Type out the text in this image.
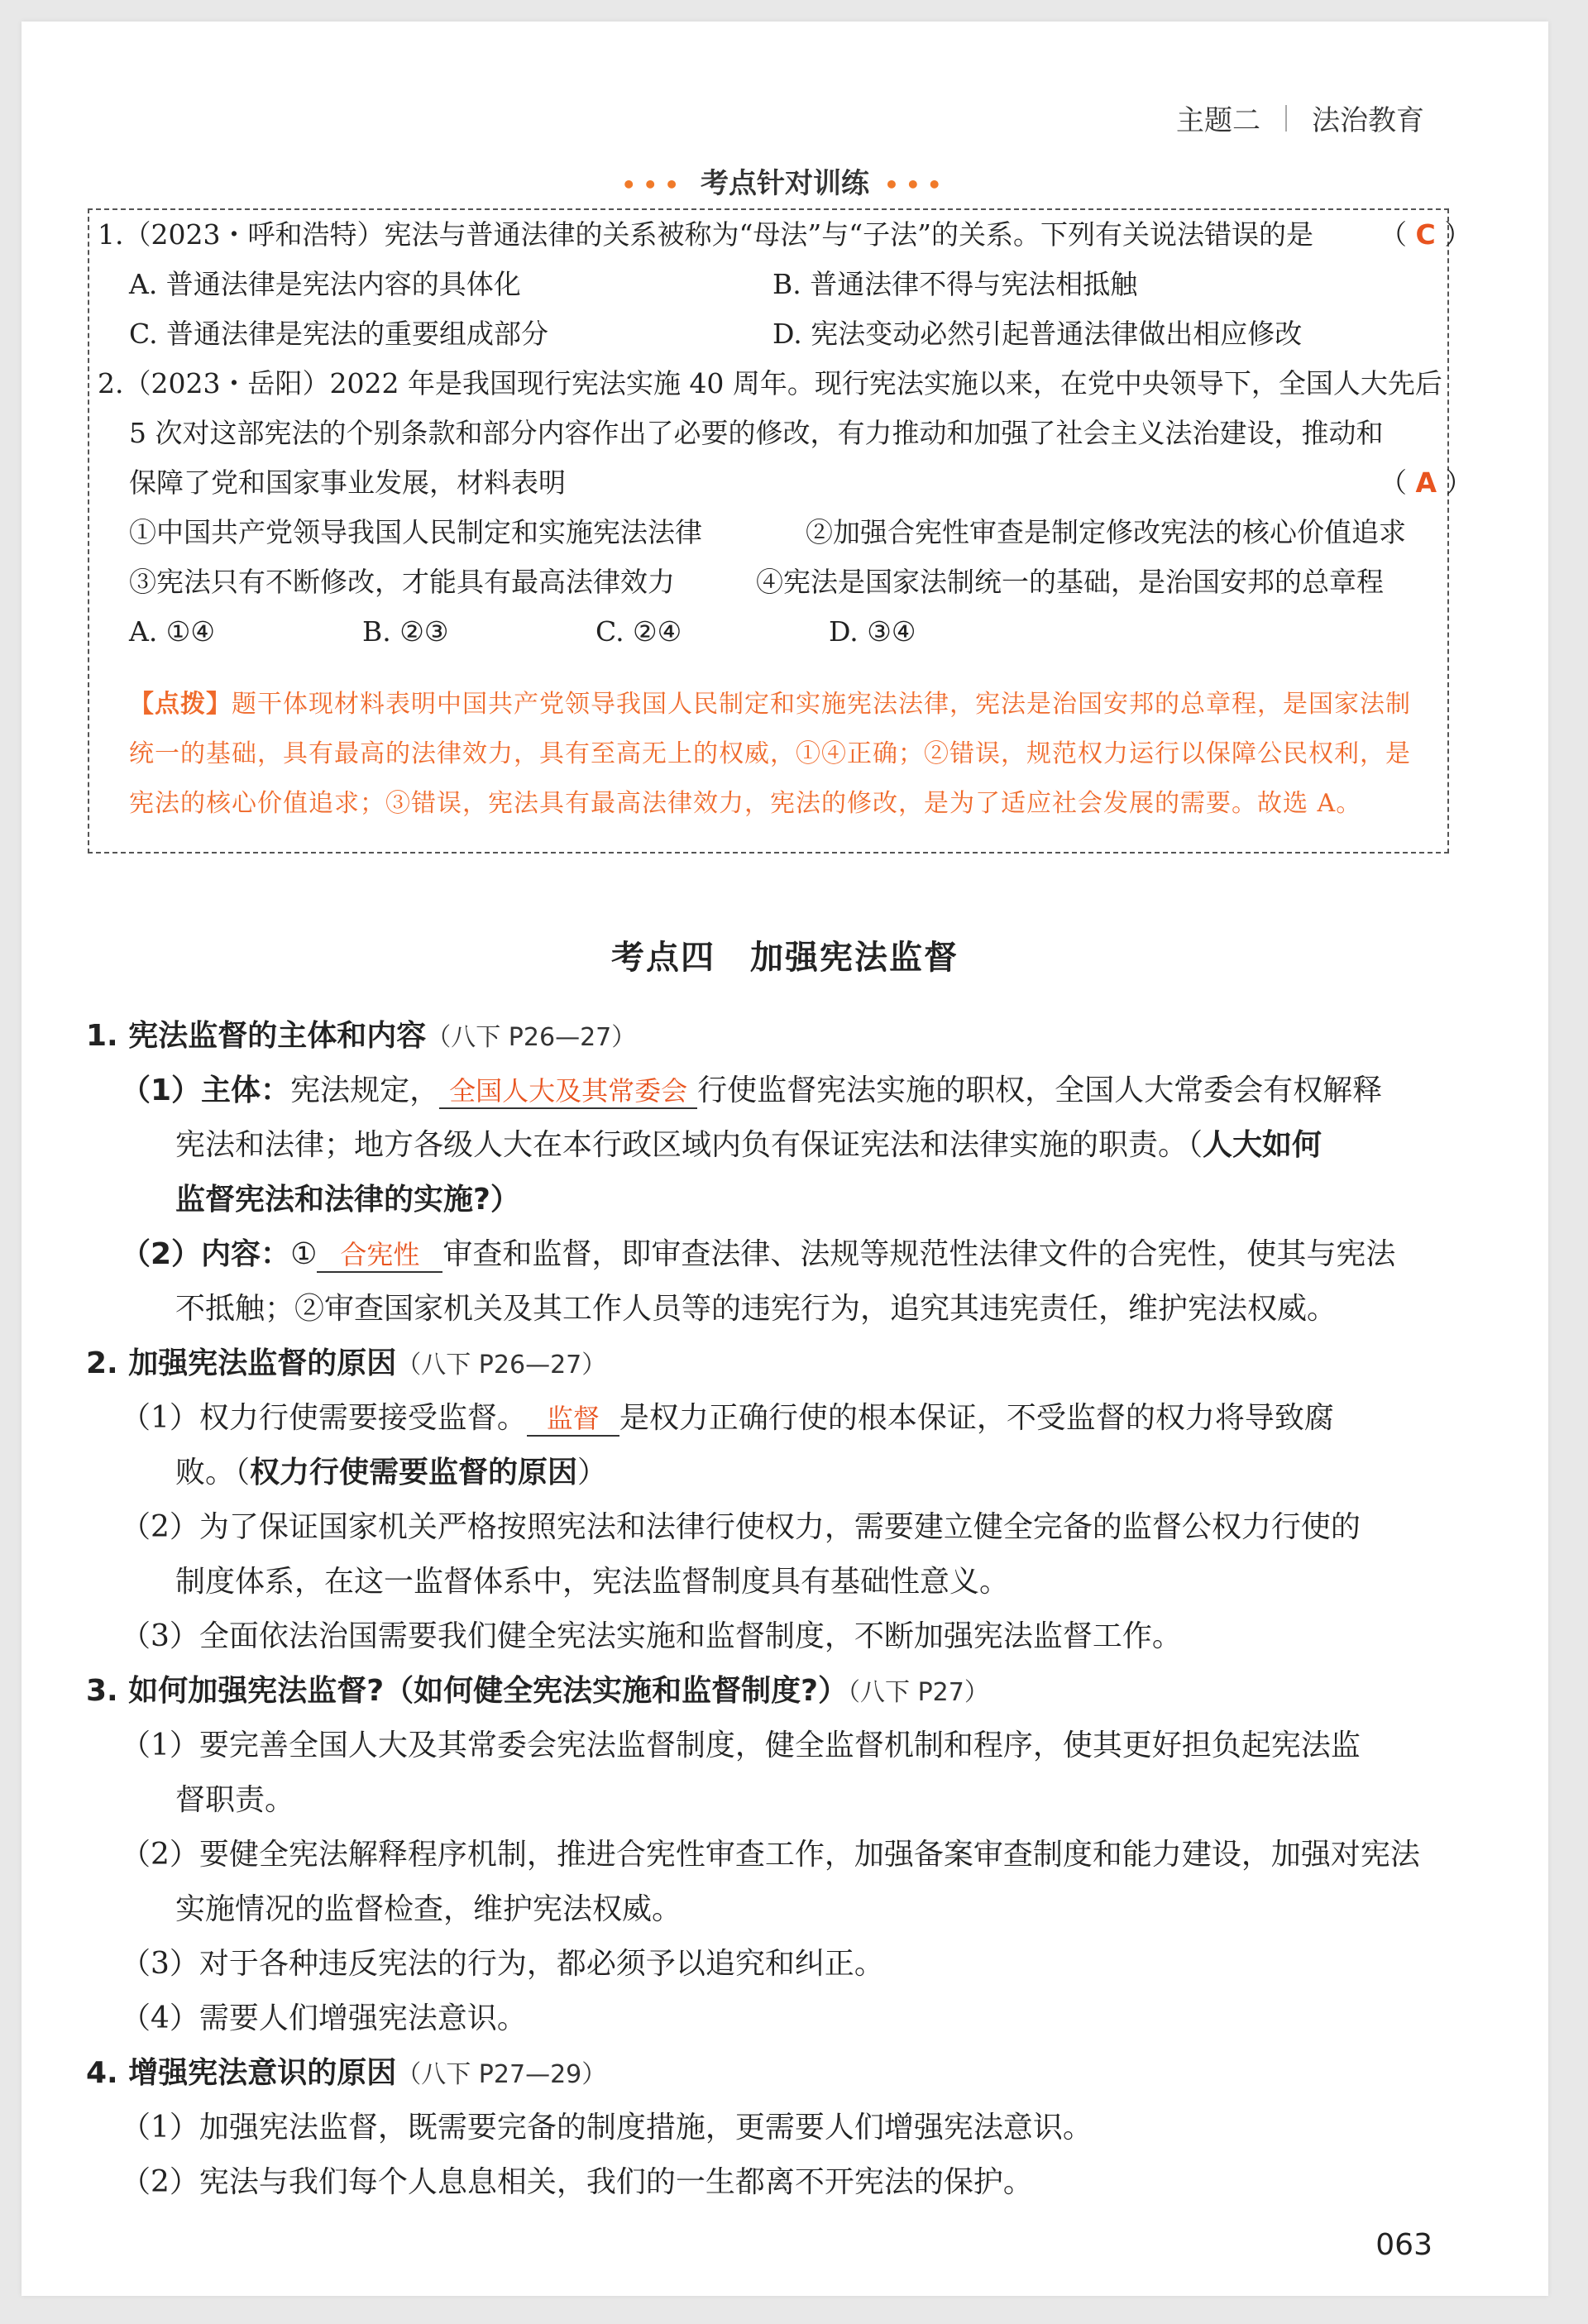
主题二 法治教育
••• 考点针对训练 •••
1.（2023・呼和浩特）宪法与普通法律的关系被称为“母法”与“子法”的关系。下列有关说法错误的是 （ C ）
A. 普通法律是宪法内容的具体化	B. 普通法律不得与宪法相抵触
C. 普通法律是宪法的重要组成部分	D. 宪法变动必然引起普通法律做出相应修改
2.（2023・岳阳）2022 年是我国现行宪法实施 40 周年。现行宪法实施以来，在党中央领导下，全国人大先后
5 次对这部宪法的个别条款和部分内容作出了必要的修改，有力推动和加强了社会主义法治建设，推动和
保障了党和国家事业发展，材料表明	（ A ）
①中国共产党领导我国人民制定和实施宪法法律	②加强合宪性审查是制定修改宪法的核心价值追求
③宪法只有不断修改，才能具有最高法律效力	④宪法是国家法制统一的基础，是治国安邦的总章程
A. ①④	B. ②③	C. ②④	D. ③④
【点拨】题干体现材料表明中国共产党领导我国人民制定和实施宪法法律，宪法是治国安邦的总章程，是国家法制统一的基础，具有最高的法律效力，具有至高无上的权威，①④正确；②错误，规范权力运行以保障公民权利，是宪法的核心价值追求；③错误，宪法具有最高法律效力，宪法的修改，是为了适应社会发展的需要。故选 A。
考点四　加强宪法监督
1. 宪法监督的主体和内容（八下 P26—27）
（1）主体：宪法规定， 全国人大及其常委会 行使监督宪法实施的职权，全国人大常委会有权解释
宪法和法律；地方各级人大在本行政区域内负有保证宪法和法律实施的职责。（人大如何
监督宪法和法律的实施?）
（2）内容：① 合宪性 审查和监督，即审查法律、法规等规范性法律文件的合宪性，使其与宪法
不抵触；②审查国家机关及其工作人员等的违宪行为，追究其违宪责任，维护宪法权威。
2. 加强宪法监督的原因（八下 P26—27）
（1）权力行使需要接受监督。 监督 是权力正确行使的根本保证，不受监督的权力将导致腐
败。（权力行使需要监督的原因）
（2）为了保证国家机关严格按照宪法和法律行使权力，需要建立健全完备的监督公权力行使的
制度体系，在这一监督体系中，宪法监督制度具有基础性意义。
（3）全面依法治国需要我们健全宪法实施和监督制度，不断加强宪法监督工作。
3. 如何加强宪法监督?（如何健全宪法实施和监督制度?）（八下 P27）
（1）要完善全国人大及其常委会宪法监督制度，健全监督机制和程序，使其更好担负起宪法监
督职责。
（2）要健全宪法解释程序机制，推进合宪性审查工作，加强备案审查制度和能力建设，加强对宪法
实施情况的监督检查，维护宪法权威。
（3）对于各种违反宪法的行为，都必须予以追究和纠正。
（4）需要人们增强宪法意识。
4. 增强宪法意识的原因（八下 P27—29）
（1）加强宪法监督，既需要完备的制度措施，更需要人们增强宪法意识。
（2）宪法与我们每个人息息相关，我们的一生都离不开宪法的保护。
063
